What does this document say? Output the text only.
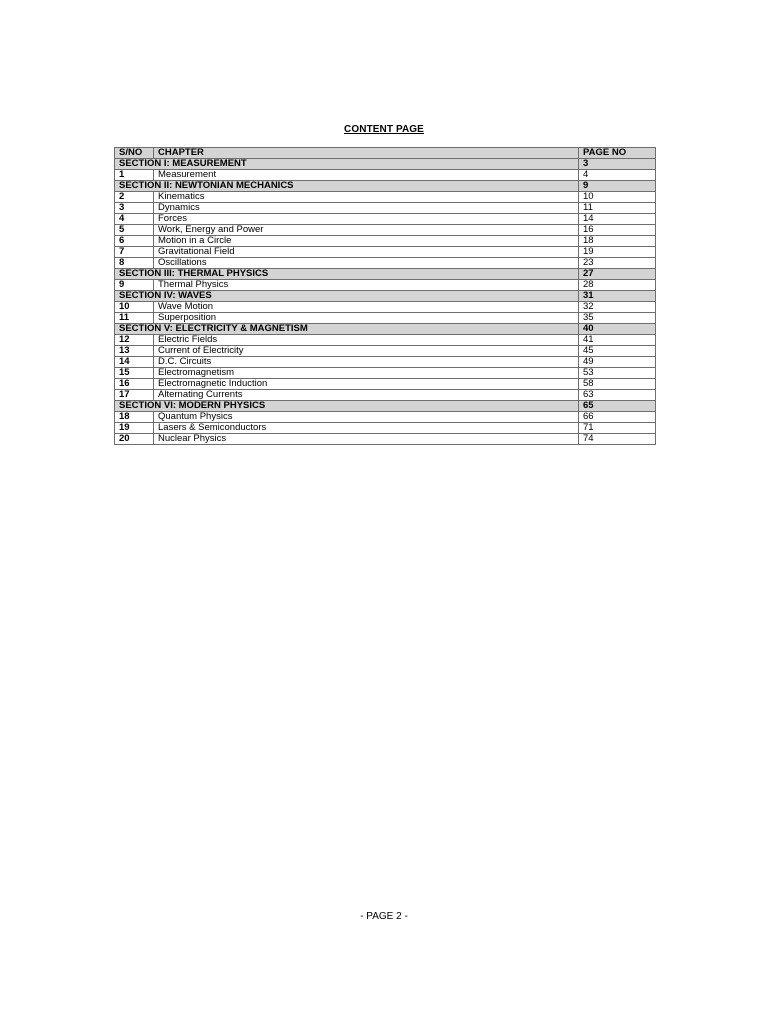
CONTENT PAGE
S/NO	CHAPTER	PAGE NO
SECTION I: MEASUREMENT		3
1	Measurement	4
SECTION II: NEWTONIAN MECHANICS		9
2	Kinematics	10
3	Dynamics	11
4	Forces	14
5	Work, Energy and Power	16
6	Motion in a Circle	18
7	Gravitational Field	19
8	Oscillations	23
SECTION III: THERMAL PHYSICS		27
9	Thermal Physics	28
SECTION IV: WAVES		31
10	Wave Motion	32
11	Superposition	35
SECTION V: ELECTRICITY & MAGNETISM		40
12	Electric Fields	41
13	Current of Electricity	45
14	D.C. Circuits	49
15	Electromagnetism	53
16	Electromagnetic Induction	58
17	Alternating Currents	63
SECTION VI: MODERN PHYSICS		65
18	Quantum Physics	66
19	Lasers & Semiconductors	71
20	Nuclear Physics	74
- PAGE 2 -
